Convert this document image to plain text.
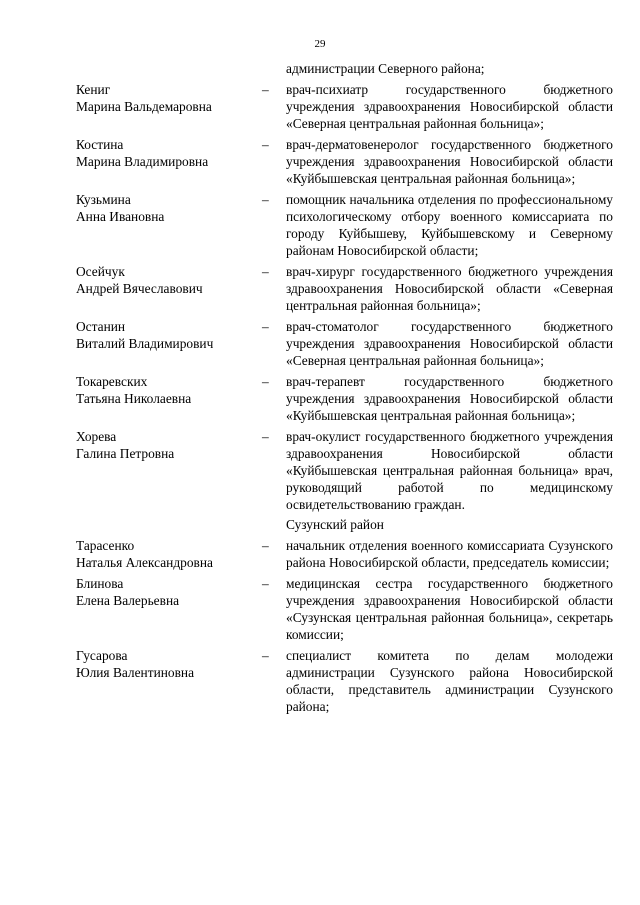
29
администрации Северного района;
Кениг
Марина Вальдемаровна
–	врач-психиатр государственного бюджетного учреждения здравоохранения Новосибирской области «Северная центральная районная больница»;
Костина
Марина Владимировна
–	врач-дерматовенеролог государственного бюджетного учреждения здравоохранения Новосибирской области «Куйбышевская центральная районная больница»;
Кузьмина
Анна Ивановна
–	помощник начальника отделения по профессиональному психологическому отбору военного комиссариата по городу Куйбышеву, Куйбышевскому и Северному районам Новосибирской области;
Осейчук
Андрей Вячеславович
–	врач-хирург государственного бюджетного учреждения здравоохранения Новосибирской области «Северная центральная районная больница»;
Останин
Виталий Владимирович
–	врач-стоматолог государственного бюджетного учреждения здравоохранения Новосибирской области «Северная центральная районная больница»;
Токаревских
Татьяна Николаевна
–	врач-терапевт государственного бюджетного учреждения здравоохранения Новосибирской области «Куйбышевская центральная районная больница»;
Хорева
Галина Петровна
–	врач-окулист государственного бюджетного учреждения здравоохранения Новосибирской области «Куйбышевская центральная районная больница» врач, руководящий работой по медицинскому освидетельствованию граждан.
Сузунский район
Тарасенко
Наталья Александровна
–	начальник отделения военного комиссариата Сузунского района Новосибирской области, председатель комиссии;
Блинова
Елена Валерьевна
–	медицинская сестра государственного бюджетного учреждения здравоохранения Новосибирской области «Сузунская центральная районная больница», секретарь комиссии;
Гусарова
Юлия Валентиновна
–	специалист комитета по делам молодежи администрации Сузунского района Новосибирской области, представитель администрации Сузунского района;
